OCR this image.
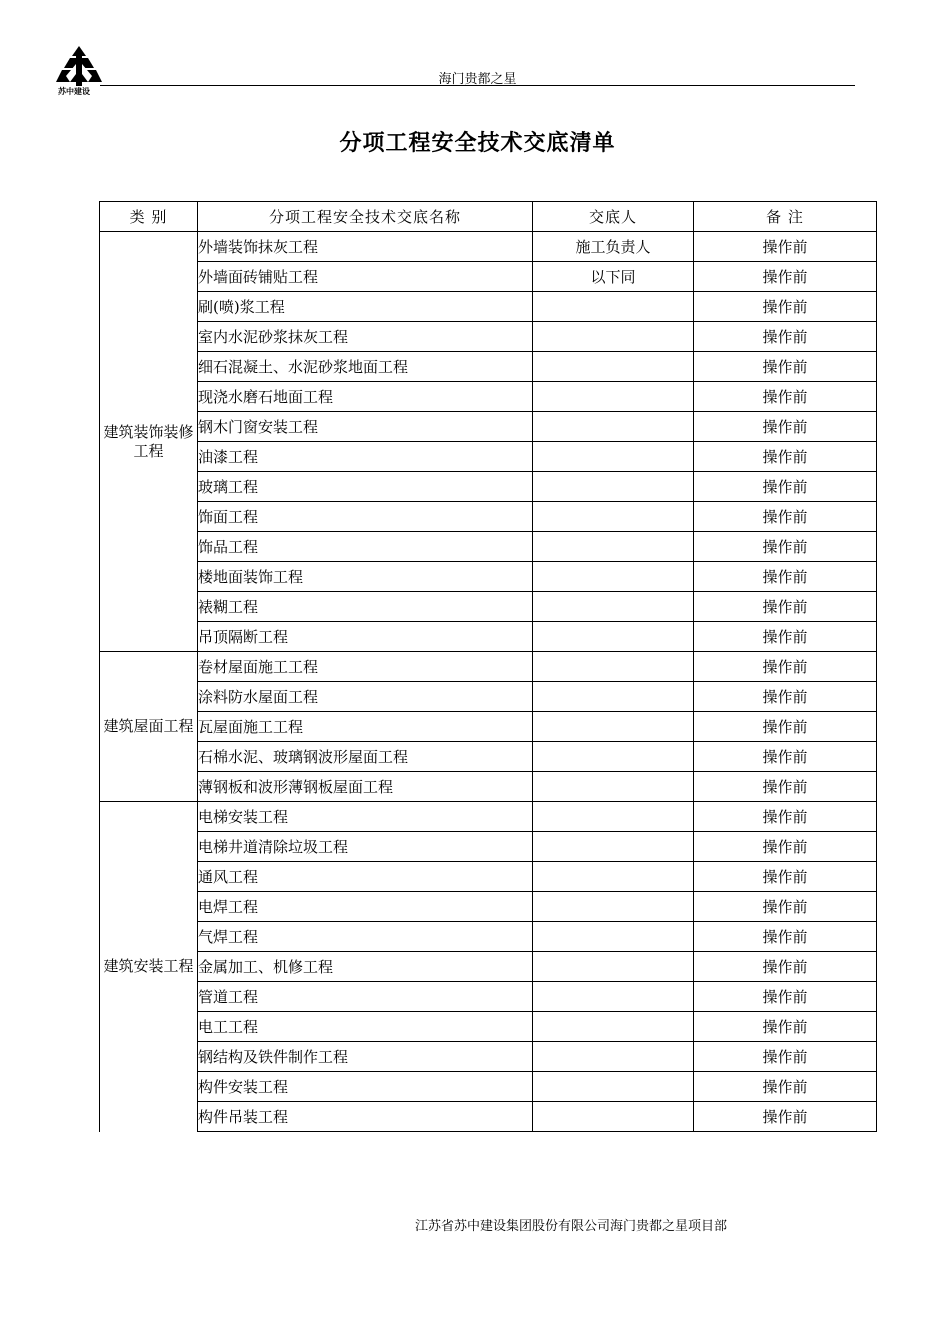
苏中建设
海门贵都之星
分项工程安全技术交底清单
类 别	分项工程安全技术交底名称	交底人	备 注
建筑装饰装修工程	外墙装饰抹灰工程	施工负责人	操作前
	外墙面砖铺贴工程	以下同	操作前
	刷(喷)浆工程		操作前
	室内水泥砂浆抹灰工程		操作前
	细石混凝土、水泥砂浆地面工程		操作前
	现浇水磨石地面工程		操作前
	钢木门窗安装工程		操作前
	油漆工程		操作前
	玻璃工程		操作前
	饰面工程		操作前
	饰品工程		操作前
	楼地面装饰工程		操作前
	裱糊工程		操作前
	吊顶隔断工程		操作前
建筑屋面工程	卷材屋面施工工程		操作前
	涂料防水屋面工程		操作前
	瓦屋面施工工程		操作前
	石棉水泥、玻璃钢波形屋面工程		操作前
	薄钢板和波形薄钢板屋面工程		操作前
建筑安装工程	电梯安装工程		操作前
	电梯井道清除垃圾工程		操作前
	通风工程		操作前
	电焊工程		操作前
	气焊工程		操作前
	金属加工、机修工程		操作前
	管道工程		操作前
	电工工程		操作前
	钢结构及铁件制作工程		操作前
	构件安装工程		操作前
	构件吊装工程		操作前
江苏省苏中建设集团股份有限公司海门贵都之星项目部
